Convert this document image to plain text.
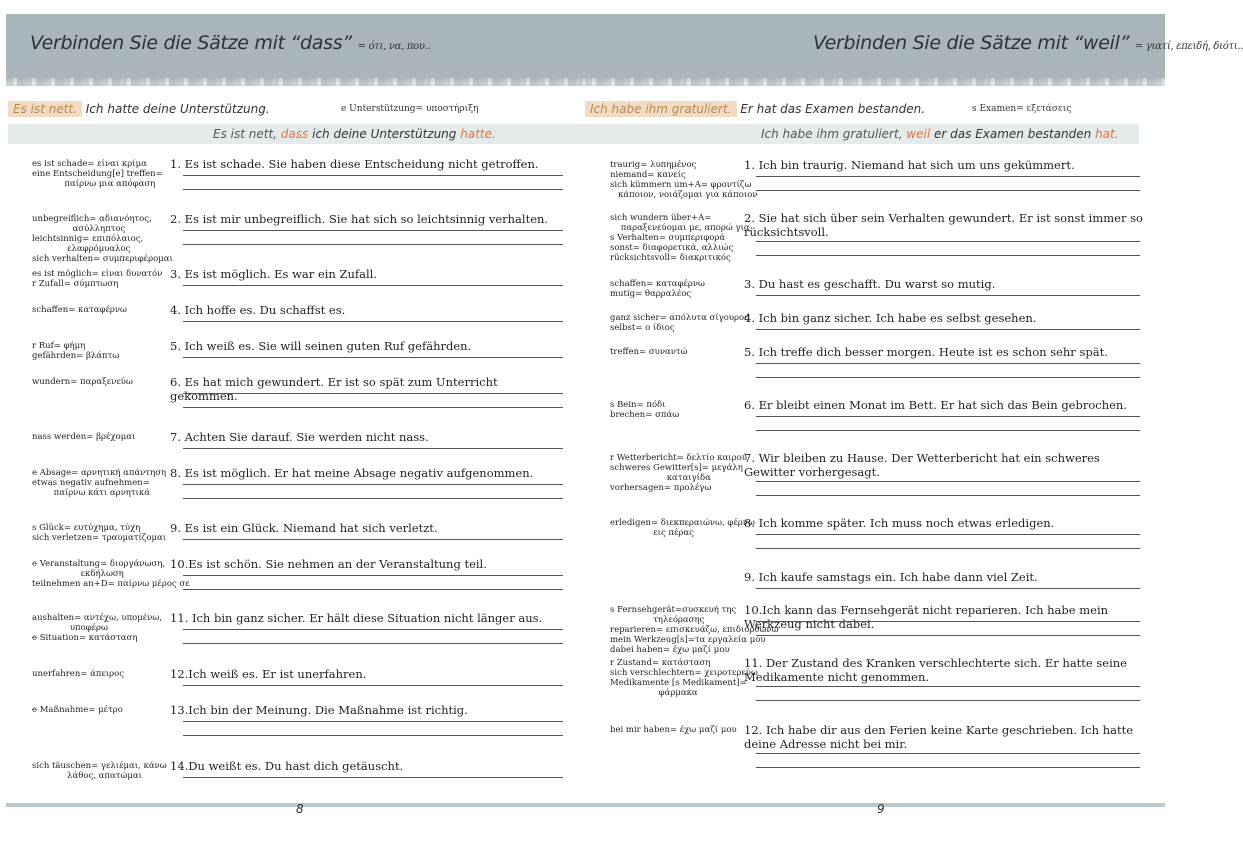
Verbinden Sie die Sätze mit “dass” = ότι, να, που..
Es ist nett. Ich hatte deine Unterstützung.	e Unterstützung= υποστήριξη
Es ist nett, dass ich deine Unterstützung hatte.
es ist schade= είναι κρίμα
eine Entscheidung[e] treffen=
παίρνω μια απόφαση
1. Es ist schade. Sie haben diese Entscheidung nicht getroffen.
unbegreiflich= αδιανόητος,
ασύλληπτος
leichtsinnig= επιπόλαιος,
ελαφρόμυαλος
sich verhalten= συμπεριφέρομαι
2. Es ist mir unbegreiflich. Sie hat sich so leichtsinnig verhalten.
es ist möglich= είναι δυνατόν
r Zufall= σύμπτωση
3. Es ist möglich. Es war ein Zufall.
schaffen= καταφέρνω	4. Ich hoffe es. Du schaffst es.
r Ruf= φήμη
gefährden= βλάπτω
5. Ich weiß es. Sie will seinen guten Ruf gefährden.
wundern= παραξενεύω	6. Es hat mich gewundert. Er ist so spät zum Unterricht gekommen.
nass werden= βρέχομαι	7. Achten Sie darauf. Sie werden nicht nass.
e Absage= αρνητική απάντηση
etwas negativ aufnehmen=
παίρνω κάτι αρνητικά
8. Es ist möglich. Er hat meine Absage negativ aufgenommen.
s Glück= ευτύχημα, τύχη
sich verletzen= τραυματίζομαι
9. Es ist ein Glück. Niemand hat sich verletzt.
e Veranstaltung= διοργάνωση,
εκδήλωση
teilnehmen an+D= παίρνω μέρος σε
10.Es ist schön. Sie nehmen an der Veranstaltung teil.
aushalten= αντέχω, υπομένω,
υποφέρω
e Situation= κατάσταση
11. Ich bin ganz sicher. Er hält diese Situation nicht länger aus.
unerfahren= άπειρος	12.Ich weiß es. Er ist unerfahren.
e Maßnahme= μέτρο	13.Ich bin der Meinung. Die Maßnahme ist richtig.
sich täuschen= γελιέμαι, κάνω
λάθος, απατώμαι
14.Du weißt es. Du hast dich getäuscht.
8
Verbinden Sie die Sätze mit “weil” = γιατί, επειδή, διότι..
Ich habe ihm gratuliert. Er hat das Examen bestanden.	s Examen= εξετάσεις
Ich habe ihm gratuliert, weil er das Examen bestanden hat.
traurig= λυπημένος
niemand= κανείς
sich kümmern um+A= φροντίζω
κάποιον, νοιάζομαι για κάποιον
1. Ich bin traurig. Niemand hat sich um uns gekümmert.
sich wundern über+A=
παραξενεύομαι με, απορώ για
s Verhalten= συμπεριφορά
sonst= διαφορετικά, αλλιώς
rücksichtsvoll= διακριτικός
2. Sie hat sich über sein Verhalten gewundert. Er ist sonst immer so rücksichtsvoll.
schaffen= καταφέρνω
mutig= θαρραλέος
3. Du hast es geschafft. Du warst so mutig.
ganz sicher= απόλυτα σίγουρος
selbst= ο ίδιος
4. Ich bin ganz sicher. Ich habe es selbst gesehen.
treffen= συναντώ	5. Ich treffe dich besser morgen. Heute ist es schon sehr spät.
s Bein= πόδι
brechen= σπάω
6. Er bleibt einen Monat im Bett. Er hat sich das Bein gebrochen.
r Wetterbericht= δελτίο καιρού
schweres Gewitter[s]= μεγάλη
καταιγίδα
vorhersagen= προλέγω
7. Wir bleiben zu Hause. Der Wetterbericht hat ein schweres Gewitter vorhergesagt.
erledigen= διεκπεραιώνω, φέρνω
εις πέρας
8. Ich komme später. Ich muss noch etwas erledigen.
9. Ich kaufe samstags ein. Ich habe dann viel Zeit.
s Fernsehgerät=συσκευή της
τηλεόρασης
reparieren= επισκευάζω, επιδιορθώνω
mein Werkzeug[s]=τα εργαλεία μου
dabei haben= έχω μαζί μου
10.Ich kann das Fernsehgerät nicht reparieren. Ich habe mein Werkzeug nicht dabei.
r Zustand= κατάσταση
sich verschlechtern= χειροτερεύω
Medikamente [s Medikament]=
φάρμακα
11. Der Zustand des Kranken verschlechterte sich. Er hatte seine Medikamente nicht genommen.
bei mir haben= έχω μαζί μου 12. Ich habe dir aus den Ferien keine Karte geschrieben. Ich hatte deine Adresse nicht bei mir.
9
